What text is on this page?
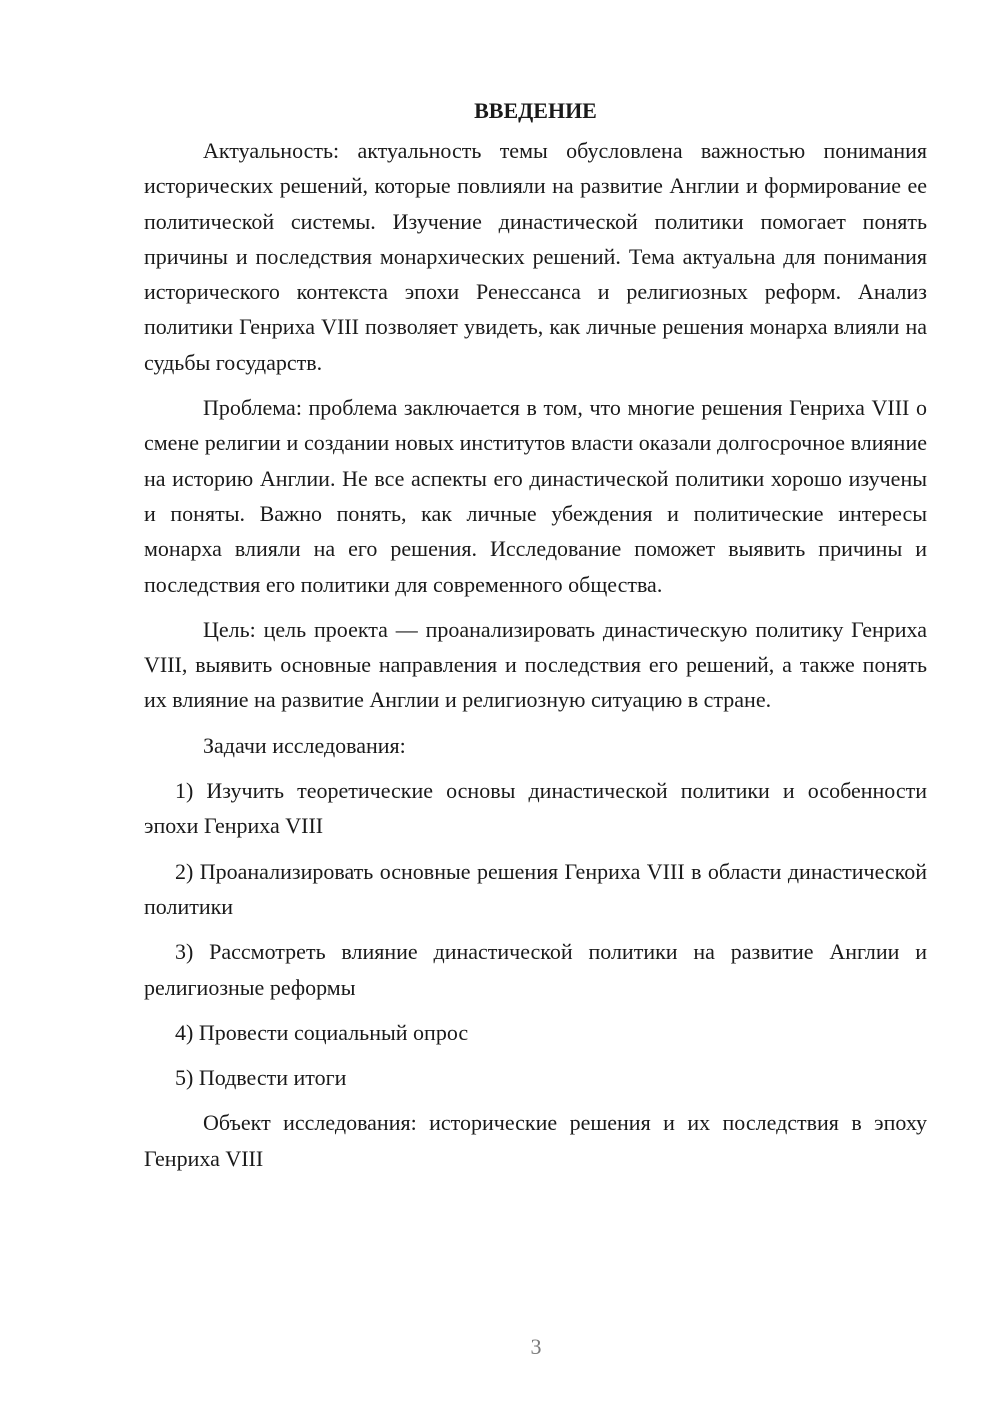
ВВЕДЕНИЕ

Актуальность: актуальность темы обусловлена важностью понимания исторических решений, которые повлияли на развитие Англии и формирование ее политической системы. Изучение династической политики помогает понять причины и последствия монархических решений. Тема актуальна для понимания исторического контекста эпохи Ренессанса и религиозных реформ. Анализ политики Генриха VIII позволяет увидеть, как личные решения монарха влияли на судьбы государств.

Проблема: проблема заключается в том, что многие решения Генриха VIII о смене религии и создании новых институтов власти оказали долгосрочное влияние на историю Англии. Не все аспекты его династической политики хорошо изучены и поняты. Важно понять, как личные убеждения и политические интересы монарха влияли на его решения. Исследование поможет выявить причины и последствия его политики для современного общества.

Цель: цель проекта — проанализировать династическую политику Генриха VIII, выявить основные направления и последствия его решений, а также понять их влияние на развитие Англии и религиозную ситуацию в стране.

Задачи исследования:

1) Изучить теоретические основы династической политики и особенности эпохи Генриха VIII

2) Проанализировать основные решения Генриха VIII в области династической политики

3) Рассмотреть влияние династической политики на развитие Англии и религиозные реформы

4) Провести социальный опрос

5) Подвести итоги

Объект исследования: исторические решения и их последствия в эпоху Генриха VIII

3
